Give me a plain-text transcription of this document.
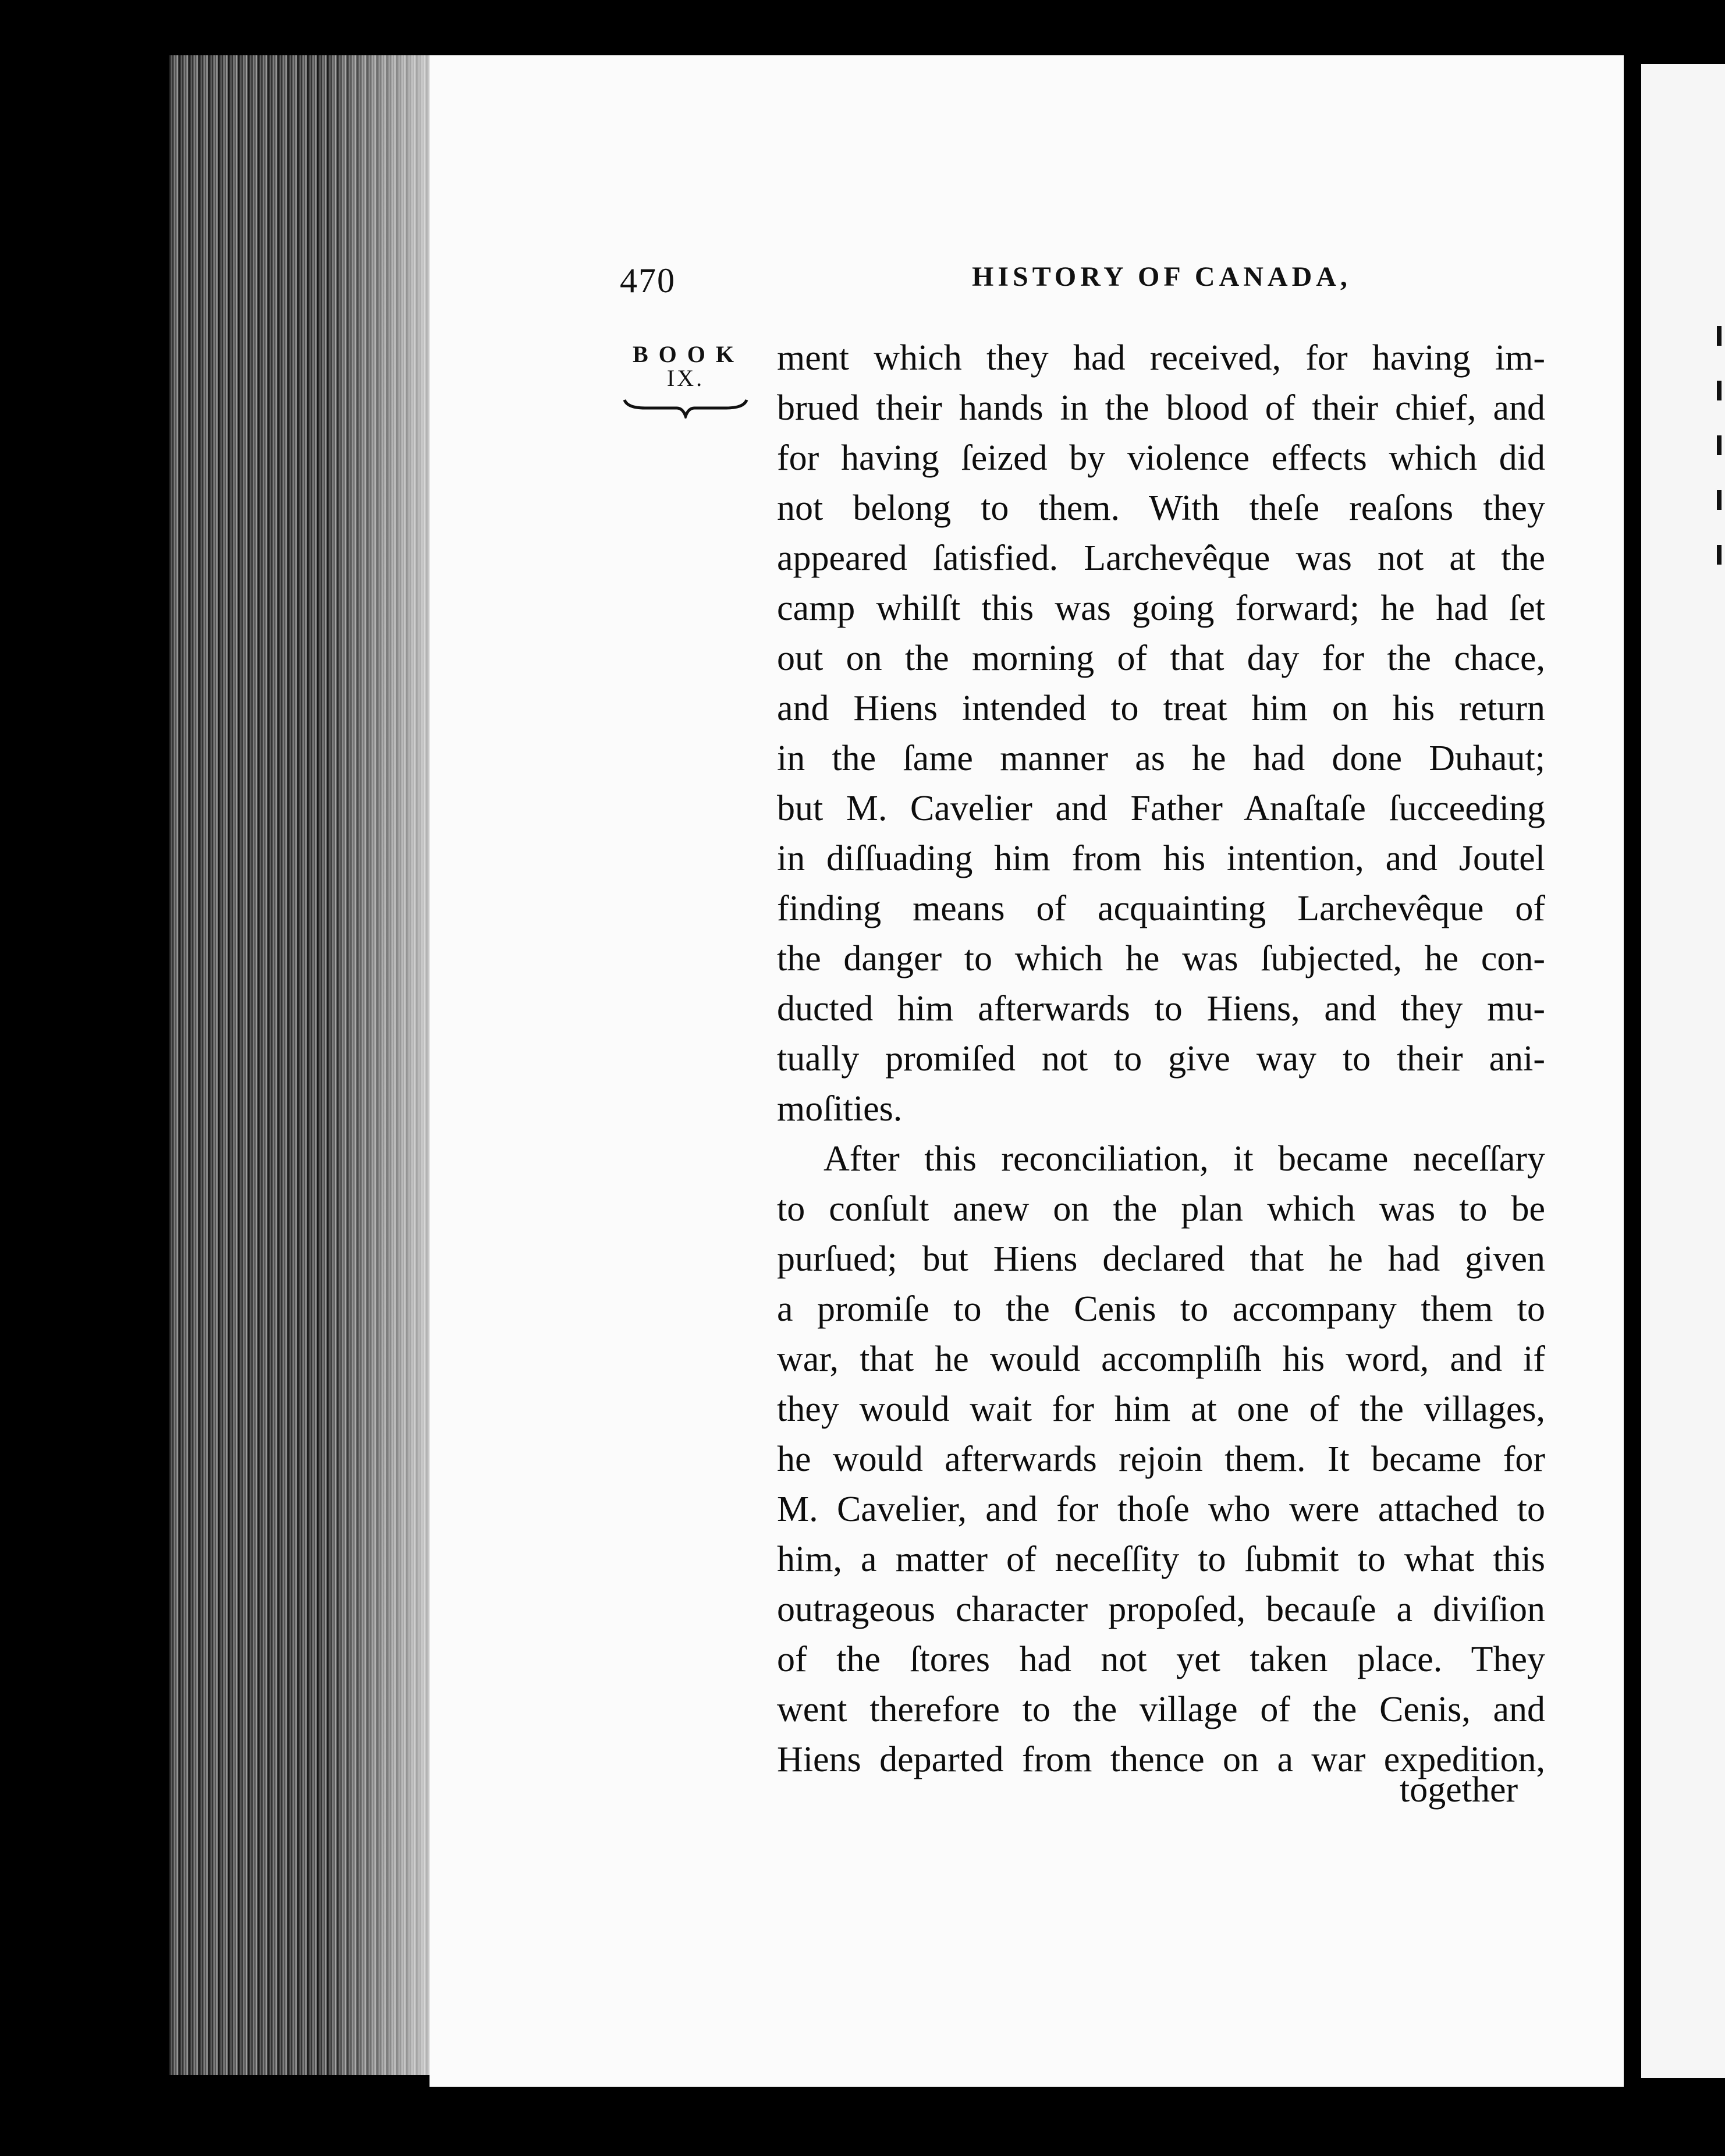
470	HISTORY OF CANADA,
BOOK
IX.
ment which they had received, for having im-
brued their hands in the blood of their chief, and
for having ſeized by violence effects which did
not belong to them. With theſe reaſons they
appeared ſatisfied. Larchevêque was not at the
camp whilſt this was going forward; he had ſet
out on the morning of that day for the chace,
and Hiens intended to treat him on his return
in the ſame manner as he had done Duhaut;
but M. Cavelier and Father Anaſtaſe ſucceeding
in diſſuading him from his intention, and Joutel
finding means of acquainting Larchevêque of
the danger to which he was ſubjected, he con-
ducted him afterwards to Hiens, and they mu-
tually promiſed not to give way to their ani-
moſities.
After this reconciliation, it became neceſſary
to conſult anew on the plan which was to be
purſued; but Hiens declared that he had given
a promiſe to the Cenis to accompany them to
war, that he would accompliſh his word, and if
they would wait for him at one of the villages,
he would afterwards rejoin them. It became for
M. Cavelier, and for thoſe who were attached to
him, a matter of neceſſity to ſubmit to what this
outrageous character propoſed, becauſe a diviſion
of the ſtores had not yet taken place. They
went therefore to the village of the Cenis, and
Hiens departed from thence on a war expedition,
together
